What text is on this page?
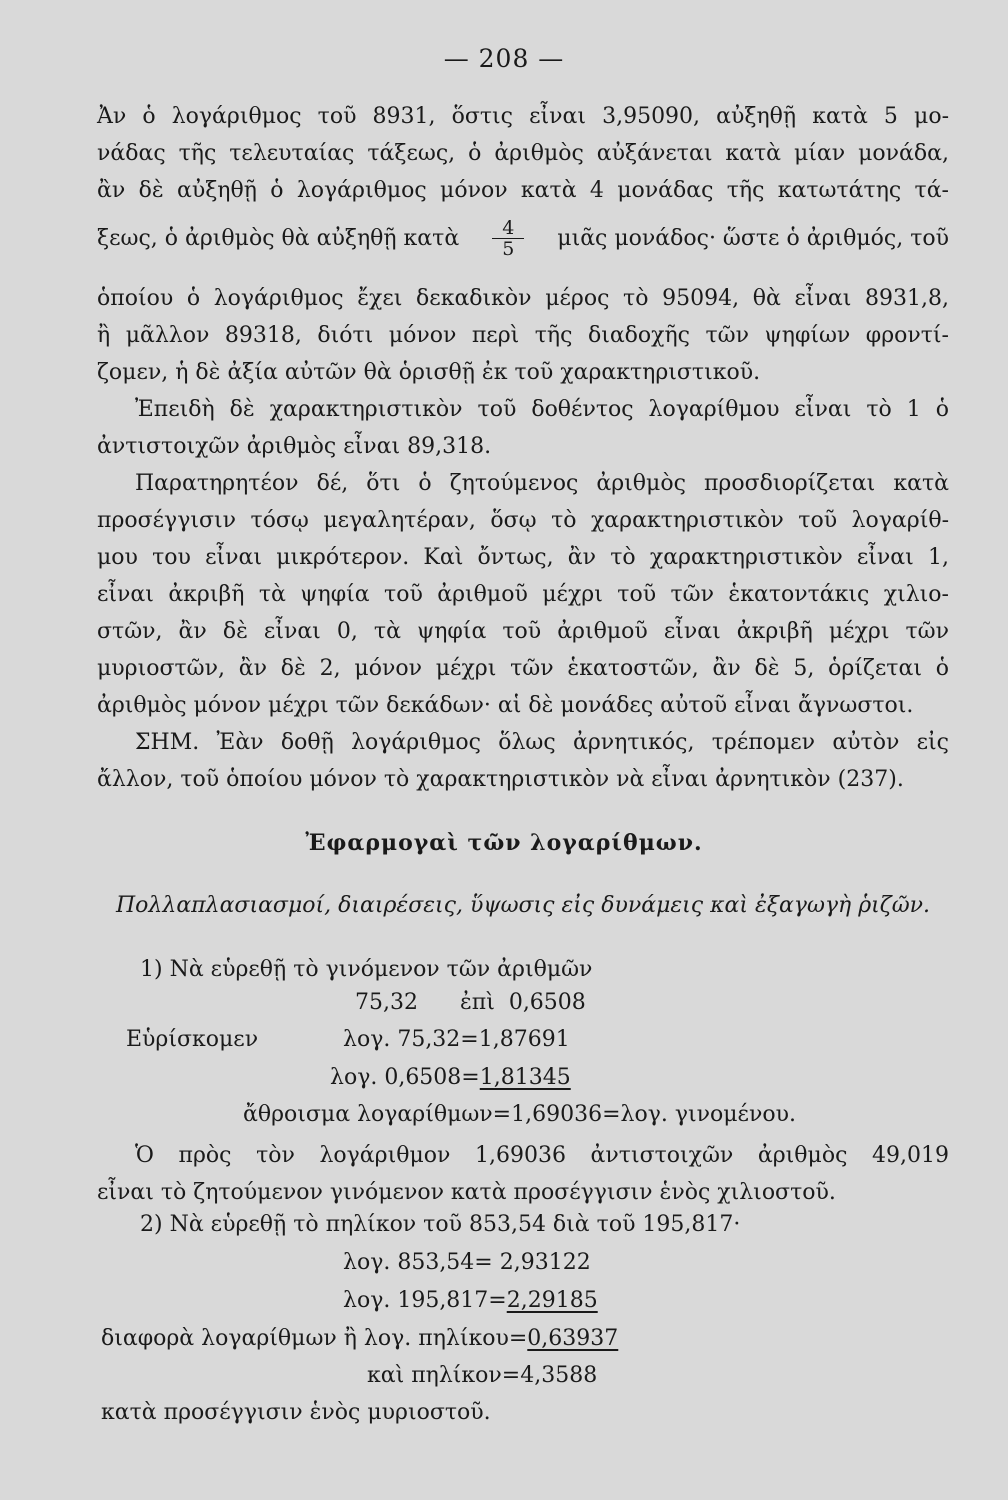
— 208 —
Ἀν ὁ λογάριθμος τοῦ 8931, ὅστις εἶναι 3,95090, αὐξηθῇ κατὰ 5 μο-
νάδας τῆς τελευταίας τάξεως, ὁ ἀριθμὸς αὐξάνεται κατὰ μίαν μονάδα,
ἂν δὲ αὐξηθῇ ὁ λογάριθμος μόνον κατὰ 4 μονάδας τῆς κατωτάτης τά-
ξεως, ὁ ἀριθμὸς θὰ αὐξηθῇ κατὰ $\frac{4}{5}$ μιᾶς μονάδος· ὥστε ὁ ἀριθμός, τοῦ
ὁποίου ὁ λογάριθμος ἔχει δεκαδικὸν μέρος τὸ 95094, θὰ εἶναι 8931,8,
ἢ μᾶλλον 89318, διότι μόνον περὶ τῆς διαδοχῆς τῶν ψηφίων φροντί-
ζομεν, ἡ δὲ ἀξία αὐτῶν θὰ ὁρισθῇ ἐκ τοῦ χαρακτηριστικοῦ.
Ἐπειδὴ δὲ χαρακτηριστικὸν τοῦ δοθέντος λογαρίθμου εἶναι τὸ 1 ὁ
ἀντιστοιχῶν ἀριθμὸς εἶναι 89,318.
Παρατηρητέον δέ, ὅτι ὁ ζητούμενος ἀριθμὸς προσδιορίζεται κατὰ
προσέγγισιν τόσῳ μεγαλητέραν, ὅσῳ τὸ χαρακτηριστικὸν τοῦ λογαρίθ-
μου του εἶναι μικρότερον. Καὶ ὄντως, ἂν τὸ χαρακτηριστικὸν εἶναι 1,
εἶναι ἀκριβῆ τὰ ψηφία τοῦ ἀριθμοῦ μέχρι τοῦ τῶν ἑκατοντάκις χιλιο-
στῶν, ἂν δὲ εἶναι 0, τὰ ψηφία τοῦ ἀριθμοῦ εἶναι ἀκριβῆ μέχρι τῶν
μυριοστῶν, ἂν δὲ 2, μόνον μέχρι τῶν ἑκατοστῶν, ἂν δὲ 5, ὁρίζεται ὁ
ἀριθμὸς μόνον μέχρι τῶν δεκάδων· αἱ δὲ μονάδες αὐτοῦ εἶναι ἄγνωστοι.
ΣΗΜ. Ἐὰν δοθῇ λογάριθμος ὅλως ἀρνητικός, τρέπομεν αὐτὸν εἰς
ἄλλον, τοῦ ὁποίου μόνον τὸ χαρακτηριστικὸν νὰ εἶναι ἀρνητικὸν (237).
Ἐφαρμογαὶ τῶν λογαρίθμων.
Πολλαπλασιασμοί, διαιρέσεις, ὕψωσις εἰς δυνάμεις καὶ ἐξαγωγὴ ῥιζῶν.
1) Νὰ εὑρεθῇ τὸ γινόμενον τῶν ἀριθμῶν
75,32      ἐπὶ  0,6508
Εὑρίσκομεν	λογ. 75,32=1,87691
λογ. 0,6508=1,81345
ἄθροισμα λογαρίθμων=1,69036=λογ. γινομένου.
Ὁ πρὸς τὸν λογάριθμον 1,69036 ἀντιστοιχῶν ἀριθμὸς 49,019
εἶναι τὸ ζητούμενον γινόμενον κατὰ προσέγγισιν ἑνὸς χιλιοστοῦ.
2) Νὰ εὑρεθῇ τὸ πηλίκον τοῦ 853,54 διὰ τοῦ 195,817·
λογ. 853,54= 2,93122
λογ. 195,817=2,29185
διαφορὰ λογαρίθμων ἢ λογ. πηλίκου=0,63937
καὶ πηλίκον=4,3588
κατὰ προσέγγισιν ἑνὸς μυριοστοῦ.
